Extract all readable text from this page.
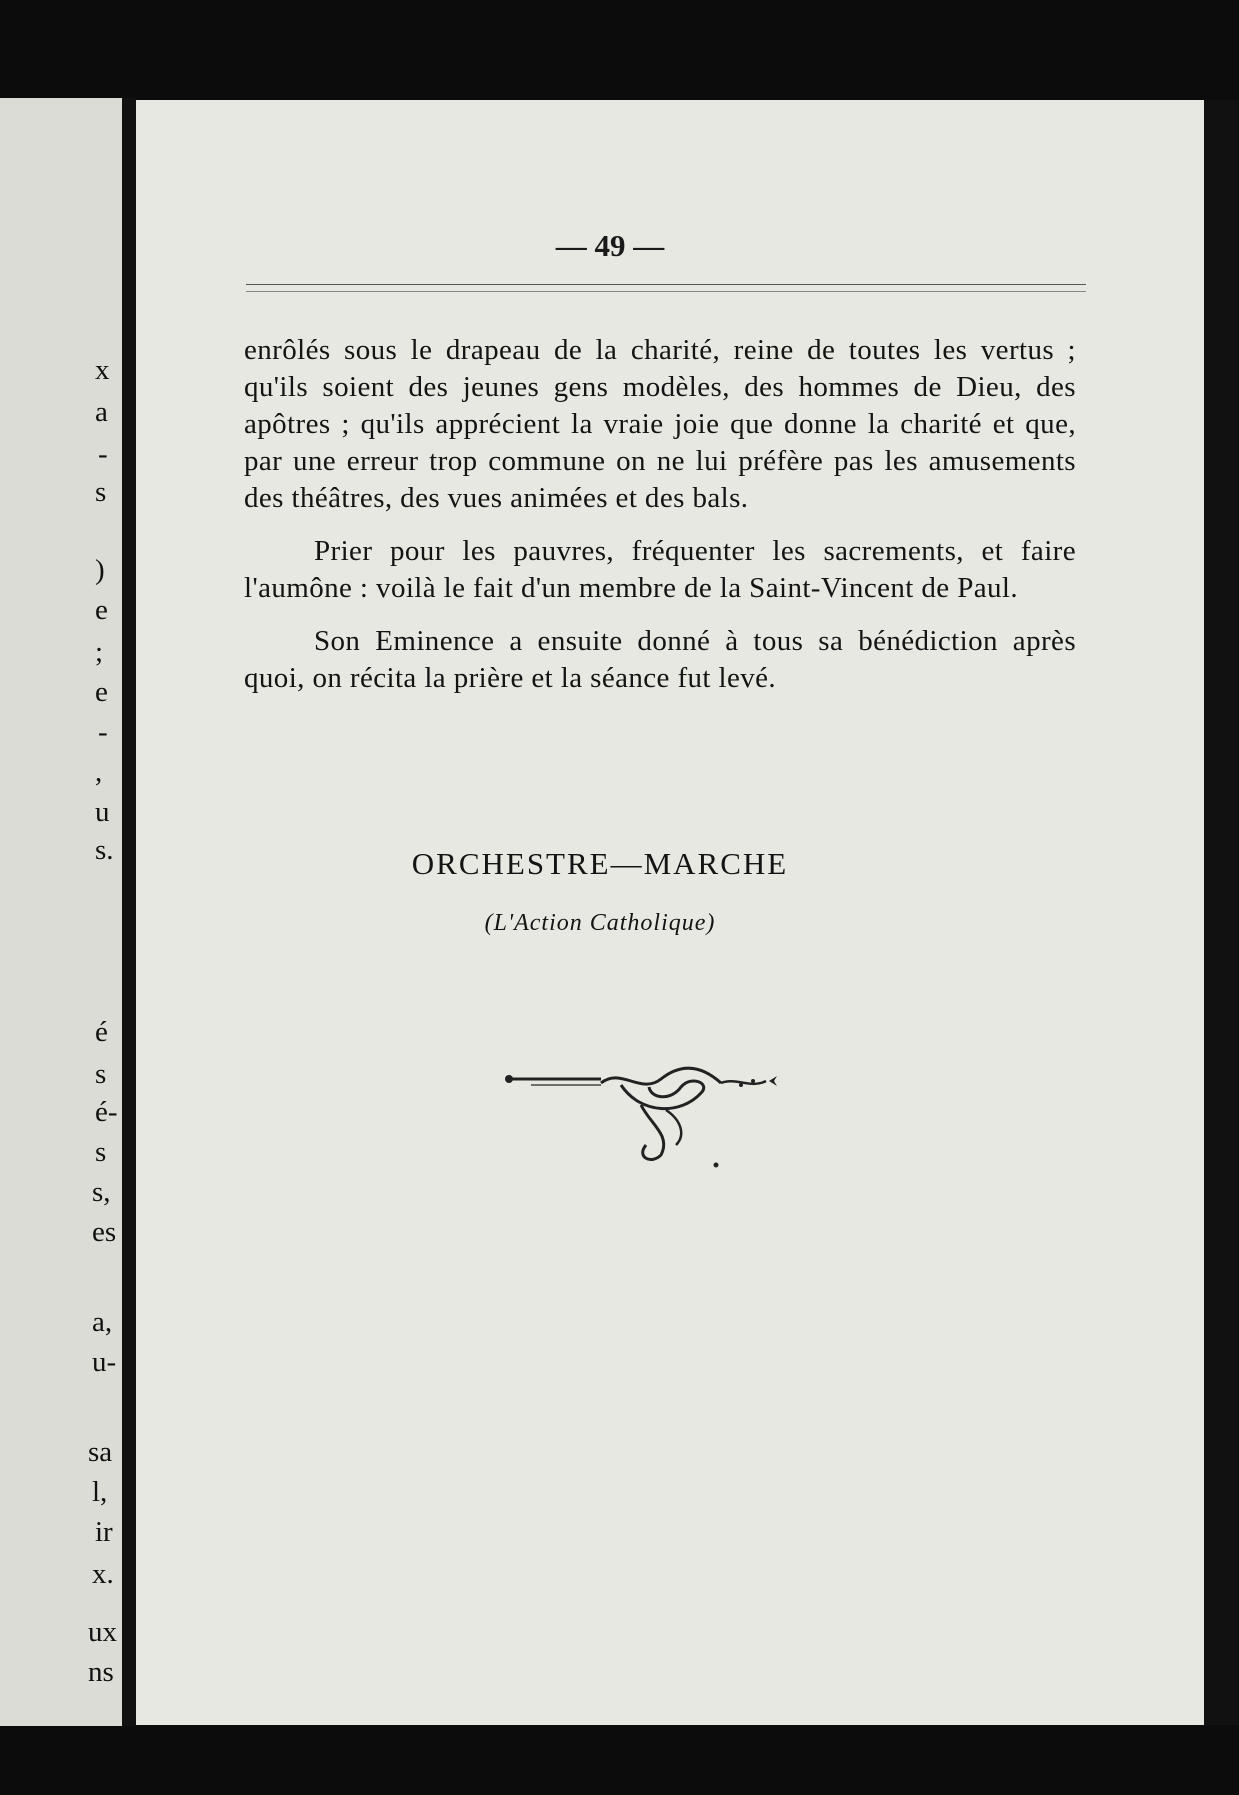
x
a
-
s
)
e
;
e
-
,
u
s.
é
s
é-
s
s,
es
a,
u-
sa
l,
ir
x.
ux
ns
— 49 —

enrôlés sous le drapeau de la charité, reine de toutes les vertus ; qu'ils soient des jeunes gens modèles, des hommes de Dieu, des apôtres ; qu'ils apprécient la vraie joie que donne la charité et que, par une erreur trop commune on ne lui préfère pas les amusements des théâtres, des vues animées et des bals.

Prier pour les pauvres, fréquenter les sacrements, et faire l'aumône : voilà le fait d'un membre de la Saint-Vincent de Paul.

Son Eminence a ensuite donné à tous sa bénédiction après quoi, on récita la prière et la séance fut levé.

ORCHESTRE—MARCHE
(L'Action Catholique)
